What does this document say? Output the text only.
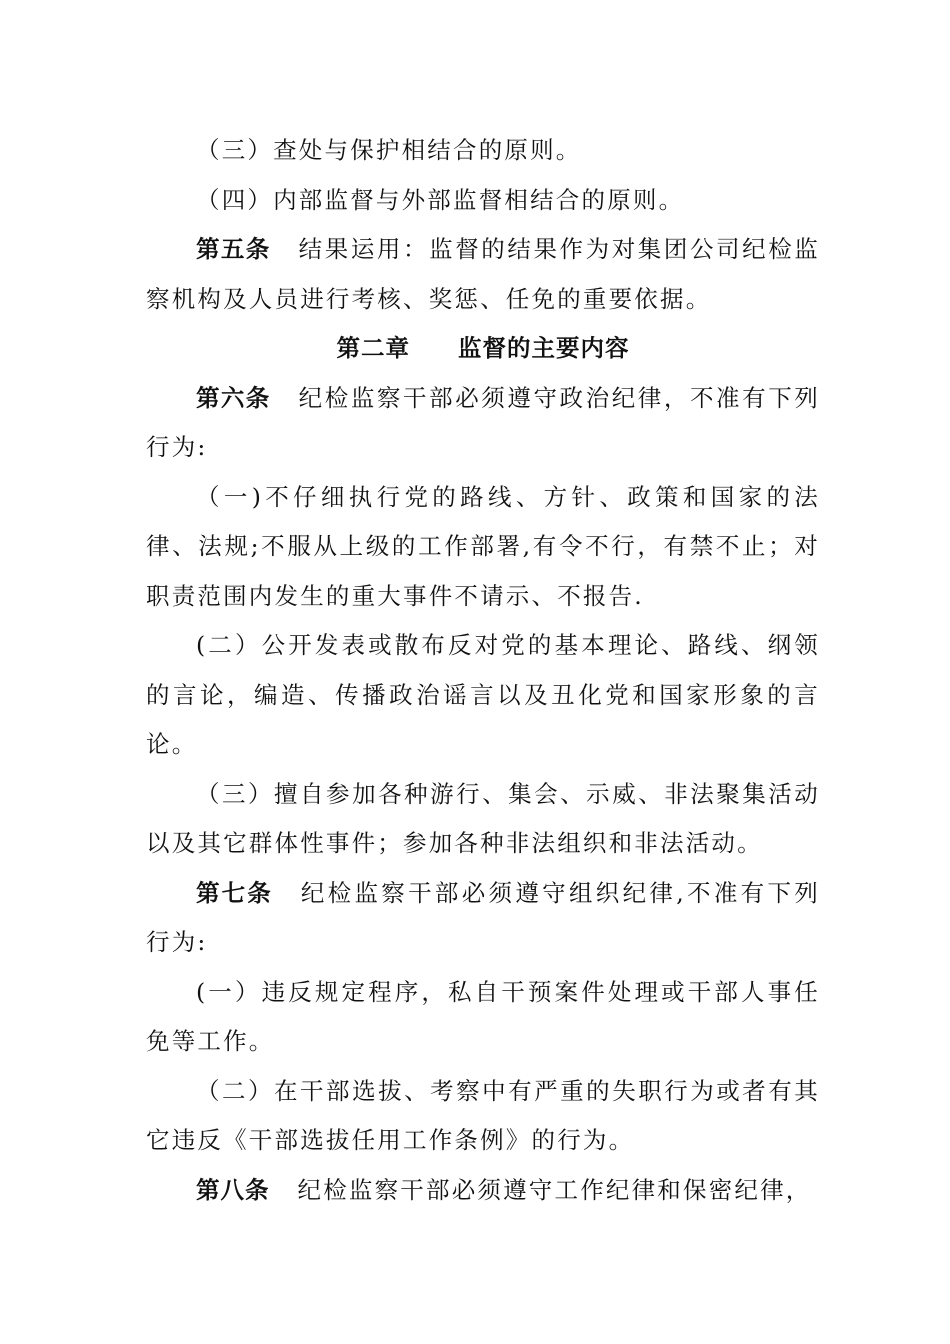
（三）查处与保护相结合的原则。

（四）内部监督与外部监督相结合的原则。

第五条 结果运用：监督的结果作为对集团公司纪检监察机构及人员进行考核、奖惩、任免的重要依据。

第二章 监督的主要内容

第六条 纪检监察干部必须遵守政治纪律，不准有下列行为:

（一)不仔细执行党的路线、方针、政策和国家的法律、法规;不服从上级的工作部署,有令不行，有禁不止；对职责范围内发生的重大事件不请示、不报告.

(二）公开发表或散布反对党的基本理论、路线、纲领的言论，编造、传播政治谣言以及丑化党和国家形象的言论。

（三）擅自参加各种游行、集会、示威、非法聚集活动以及其它群体性事件；参加各种非法组织和非法活动。

第七条 纪检监察干部必须遵守组织纪律,不准有下列行为:

(一）违反规定程序，私自干预案件处理或干部人事任免等工作。

（二）在干部选拔、考察中有严重的失职行为或者有其它违反《干部选拔任用工作条例》的行为。

第八条 纪检监察干部必须遵守工作纪律和保密纪律，
